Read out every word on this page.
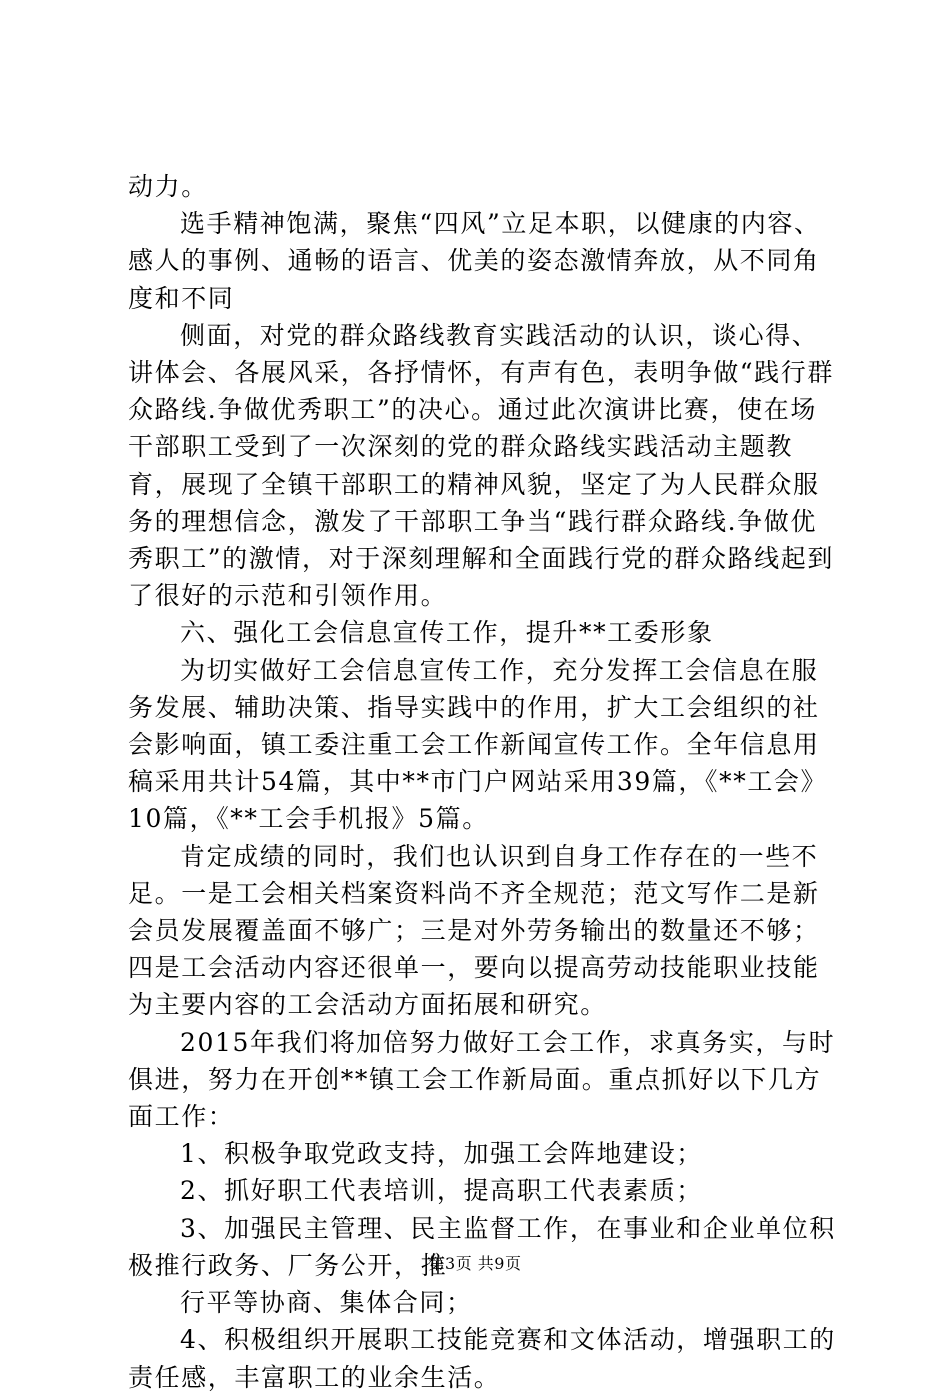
动力。

选手精神饱满，聚焦“四风”立足本职，以健康的内容、感人的事例、通畅的语言、优美的姿态激情奔放，从不同角度和不同

侧面，对党的群众路线教育实践活动的认识，谈心得、讲体会、各展风采，各抒情怀，有声有色，表明争做“践行群众路线.争做优秀职工”的决心。通过此次演讲比赛，使在场干部职工受到了一次深刻的党的群众路线实践活动主题教育，展现了全镇干部职工的精神风貌，坚定了为人民群众服务的理想信念，激发了干部职工争当“践行群众路线.争做优秀职工”的激情，对于深刻理解和全面践行党的群众路线起到了很好的示范和引领作用。

六、强化工会信息宣传工作，提升**工委形象

为切实做好工会信息宣传工作，充分发挥工会信息在服务发展、辅助决策、指导实践中的作用，扩大工会组织的社会影响面，镇工委注重工会工作新闻宣传工作。全年信息用稿采用共计54篇，其中**市门户网站采用39篇，《**工会》10篇，《**工会手机报》5篇。

肯定成绩的同时，我们也认识到自身工作存在的一些不足。一是工会相关档案资料尚不齐全规范；范文写作二是新会员发展覆盖面不够广；三是对外劳务输出的数量还不够；四是工会活动内容还很单一，要向以提高劳动技能职业技能为主要内容的工会活动方面拓展和研究。

2015年我们将加倍努力做好工会工作，求真务实，与时俱进，努力在开创**镇工会工作新局面。重点抓好以下几方面工作：

1、积极争取党政支持，加强工会阵地建设；

2、抓好职工代表培训，提高职工代表素质；

3、加强民主管理、民主监督工作，在事业和企业单位积极推行政务、厂务公开，推

行平等协商、集体合同；

4、积极组织开展职工技能竞赛和文体活动，增强职工的责任感，丰富职工的业余生活。

第3页 共9页
